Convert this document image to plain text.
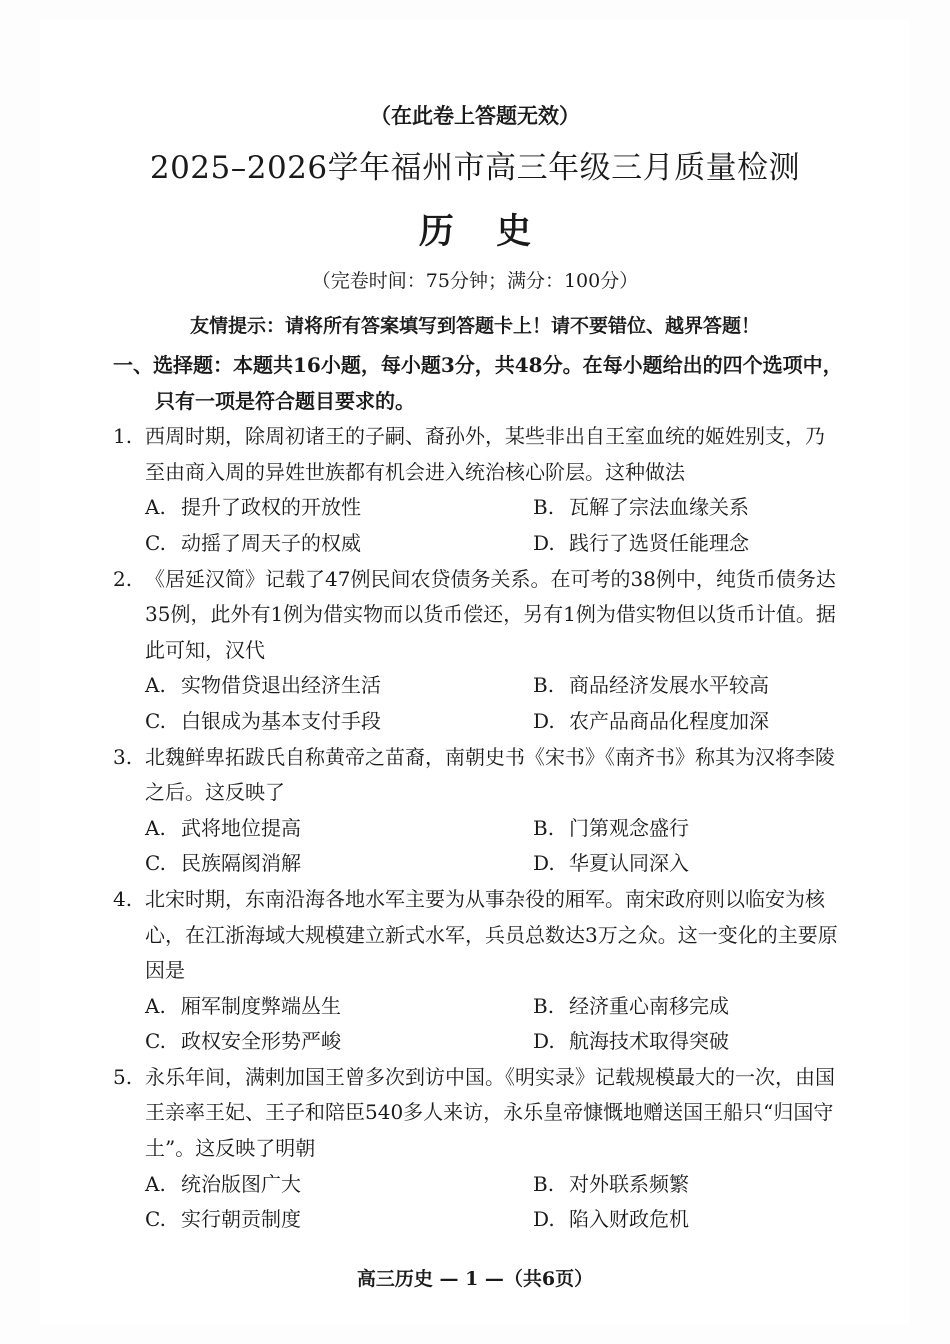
（在此卷上答题无效）
2025–2026学年福州市高三年级三月质量检测
历 史
（完卷时间：75分钟；满分：100分）
友情提示：请将所有答案填写到答题卡上！请不要错位、越界答题！
一、选择题：本题共16小题，每小题3分，共48分。在每小题给出的四个选项中，
只有一项是符合题目要求的。
1. 西周时期，除周初诸王的子嗣、裔孙外，某些非出自王室血统的姬姓别支，乃
至由商入周的异姓世族都有机会进入统治核心阶层。这种做法
A. 提升了政权的开放性	B. 瓦解了宗法血缘关系
C. 动摇了周天子的权威	D. 践行了选贤任能理念
2. 《居延汉简》记载了47例民间农贷债务关系。在可考的38例中，纯货币债务达
35例，此外有1例为借实物而以货币偿还，另有1例为借实物但以货币计值。据
此可知，汉代
A. 实物借贷退出经济生活	B. 商品经济发展水平较高
C. 白银成为基本支付手段	D. 农产品商品化程度加深
3. 北魏鲜卑拓跋氏自称黄帝之苗裔，南朝史书《宋书》《南齐书》称其为汉将李陵
之后。这反映了
A. 武将地位提高	B. 门第观念盛行
C. 民族隔阂消解	D. 华夏认同深入
4. 北宋时期，东南沿海各地水军主要为从事杂役的厢军。南宋政府则以临安为核
心，在江浙海域大规模建立新式水军，兵员总数达3万之众。这一变化的主要原
因是
A. 厢军制度弊端丛生	B. 经济重心南移完成
C. 政权安全形势严峻	D. 航海技术取得突破
5. 永乐年间，满剌加国王曾多次到访中国。《明实录》记载规模最大的一次，由国
王亲率王妃、王子和陪臣540多人来访，永乐皇帝慷慨地赠送国王船只“归国守
土”。这反映了明朝
A. 统治版图广大	B. 对外联系频繁
C. 实行朝贡制度	D. 陷入财政危机
高三历史 — 1 —（共6页）
